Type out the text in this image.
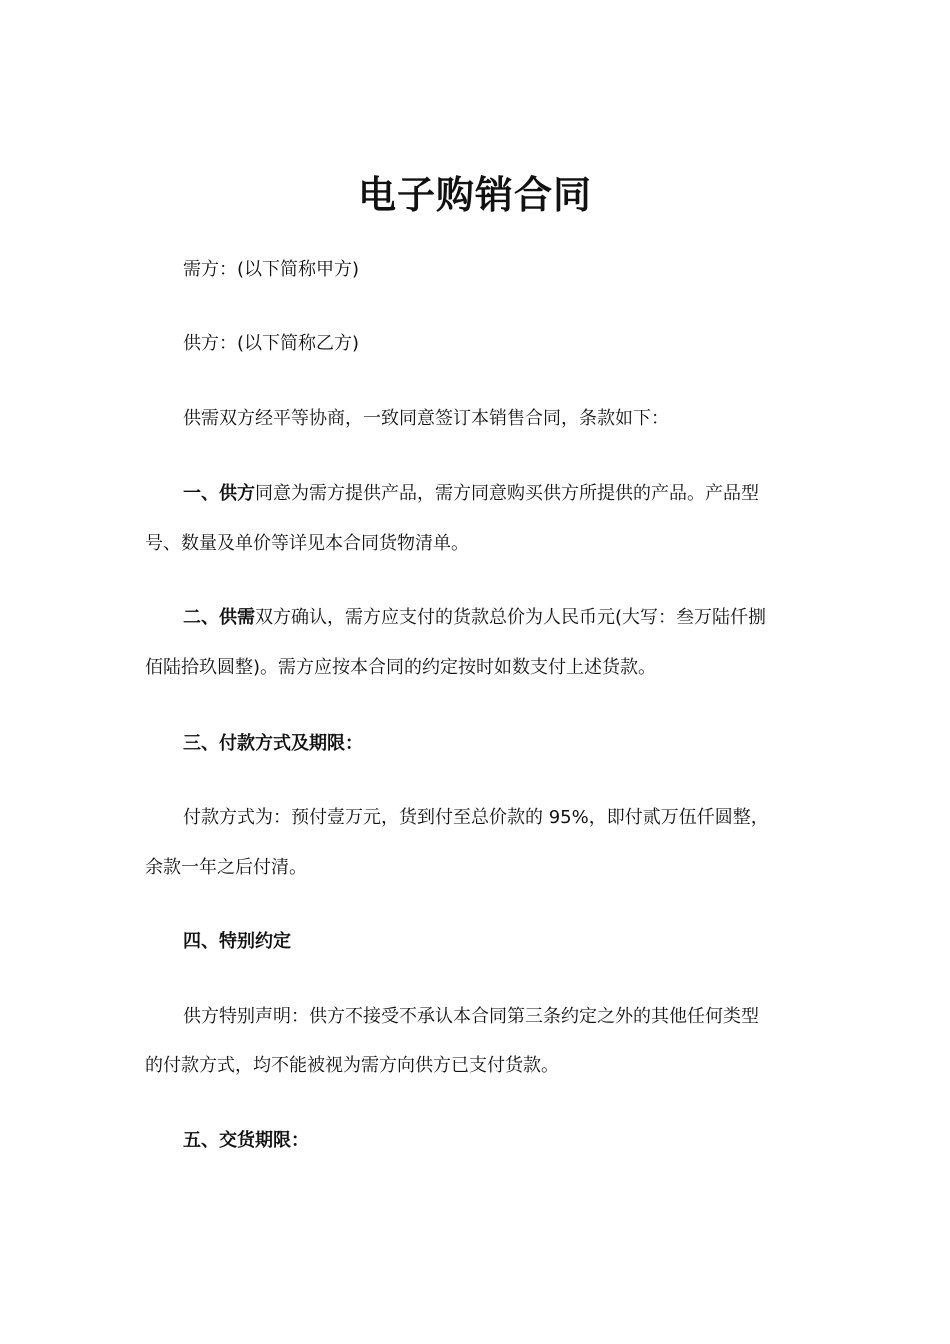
电子购销合同
需方：(以下简称甲方)
供方：(以下简称乙方)
供需双方经平等协商，一致同意签订本销售合同，条款如下：
一、供方同意为需方提供产品，需方同意购买供方所提供的产品。产品型
号、数量及单价等详见本合同货物清单。
二、供需双方确认，需方应支付的货款总价为人民币元(大写：叁万陆仟捌
佰陆拾玖圆整)。需方应按本合同的约定按时如数支付上述货款。
三、付款方式及期限：
付款方式为：预付壹万元，货到付至总价款的 95%，即付贰万伍仟圆整，
余款一年之后付清。
四、特别约定
供方特别声明：供方不接受不承认本合同第三条约定之外的其他任何类型
的付款方式，均不能被视为需方向供方已支付货款。
五、交货期限：
